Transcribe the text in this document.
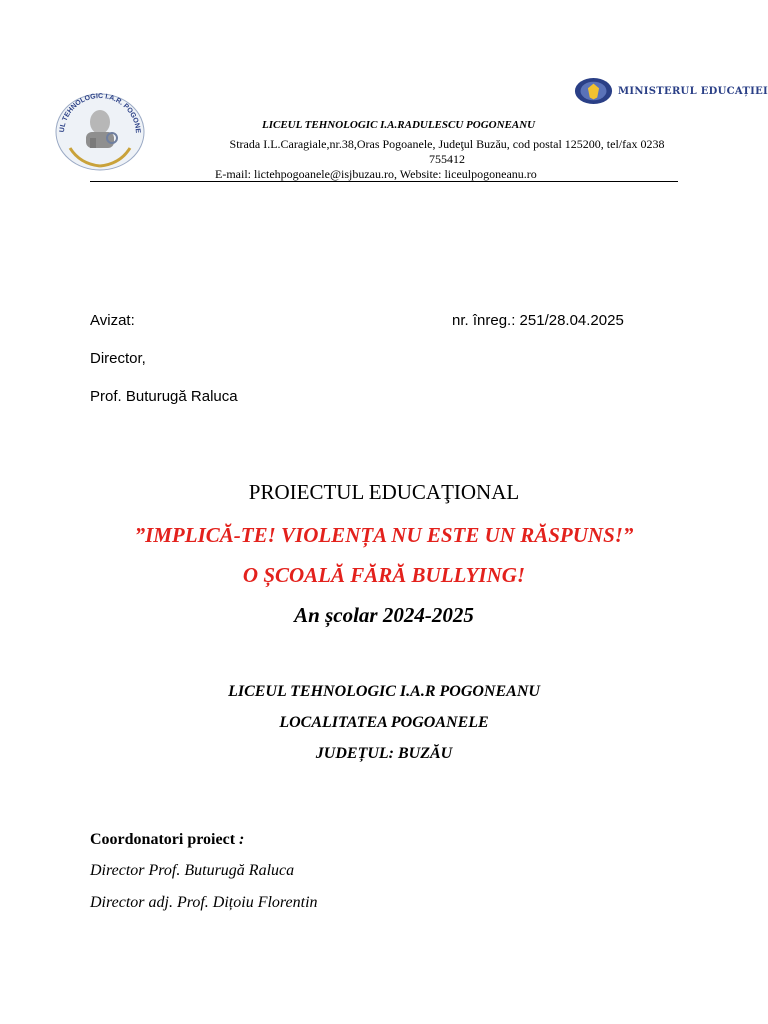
UL TEHNOLOGIC I.A.R. POGONE
MINISTERUL EDUCAȚIEI
LICEUL TEHNOLOGIC I.A.RADULESCU POGONEANU
Strada I.L.Caragiale,nr.38,Oras Pogoanele, Judeţul Buzău, cod postal 125200, tel/fax 0238 755412
E-mail: lictehpogoanele@isjbuzau.ro, Website: liceulpogoneanu.ro
Avizat:	nr. înreg.: 251/28.04.2025
Director,
Prof. Buturugă Raluca
PROIECTUL EDUCAŢIONAL
”IMPLICĂ-TE! VIOLENȚA NU ESTE UN RĂSPUNS!”
O ȘCOALĂ FĂRĂ BULLYING!
An școlar 2024-2025
LICEUL TEHNOLOGIC I.A.R POGONEANU
LOCALITATEA POGOANELE
JUDEȚUL: BUZĂU
Coordonatori proiect :
Director Prof. Buturugă Raluca
Director adj. Prof. Dițoiu Florentin
